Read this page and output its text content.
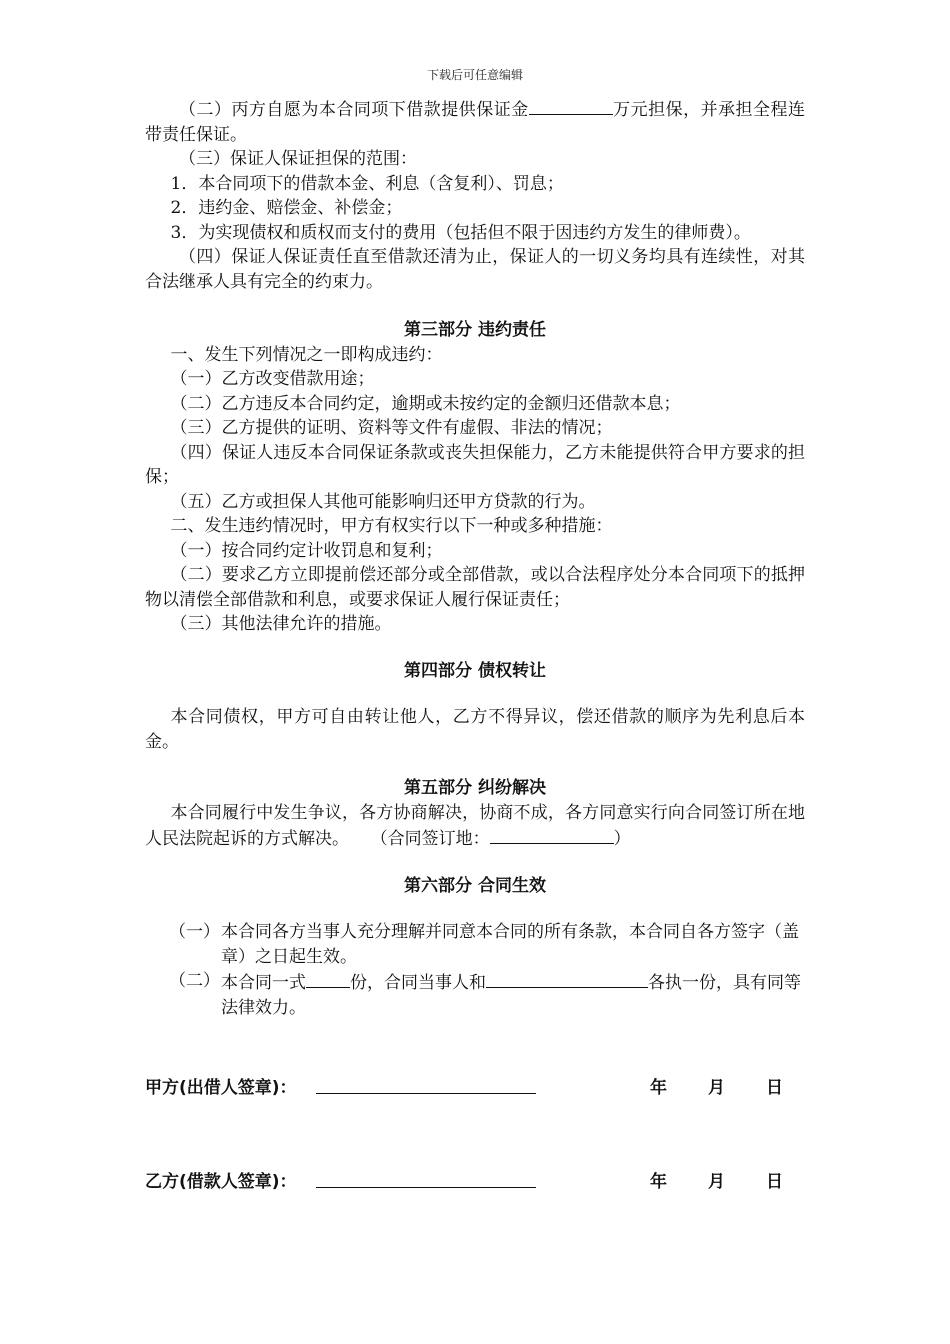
下载后可任意编辑

（二）丙方自愿为本合同项下借款提供保证金	万元担保，并承担全程连带责任保证。

（三）保证人保证担保的范围：

1．本合同项下的借款本金、利息（含复利）、罚息；

2．违约金、赔偿金、补偿金；

3．为实现债权和质权而支付的费用（包括但不限于因违约方发生的律师费）。

（四）保证人保证责任直至借款还清为止，保证人的一切义务均具有连续性，对其合法继承人具有完全的约束力。

第三部分 违约责任

一、发生下列情况之一即构成违约：

（一）乙方改变借款用途；

（二）乙方违反本合同约定，逾期或未按约定的金额归还借款本息；

（三）乙方提供的证明、资料等文件有虚假、非法的情况；

（四）保证人违反本合同保证条款或丧失担保能力，乙方未能提供符合甲方要求的担保；

（五）乙方或担保人其他可能影响归还甲方贷款的行为。

二、发生违约情况时，甲方有权实行以下一种或多种措施：

（一）按合同约定计收罚息和复利；

（二）要求乙方立即提前偿还部分或全部借款，或以合法程序处分本合同项下的抵押物以清偿全部借款和利息，或要求保证人履行保证责任；

（三）其他法律允许的措施。

第四部分 债权转让

本合同债权，甲方可自由转让他人，乙方不得异议，偿还借款的顺序为先利息后本金。

第五部分 纠纷解决

本合同履行中发生争议，各方协商解决，协商不成，各方同意实行向合同签订所在地人民法院起诉的方式解决。 （合同签订地：	）

第六部分 合同生效

（一） 本合同各方当事人充分理解并同意本合同的所有条款，本合同自各方签字（盖章）之日起生效。
（二） 本合同一式	份，合同当事人和	各执一份，具有同等法律效力。
甲方(出借人签章)：	年 月 日
乙方(借款人签章)：	年 月 日
